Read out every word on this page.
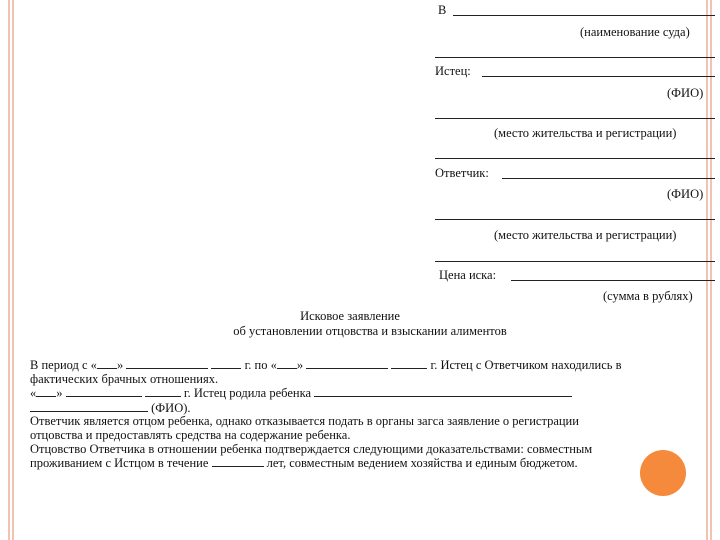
В
(наименование суда)
Истец:
(ФИО)
(место жительства и регистрации)
Ответчик:
(ФИО)
(место жительства и регистрации)
Цена иска:
(сумма в рублях)
Исковое заявление
об установлении отцовства и взыскании алиментов

В период с « »	г. по « »	г. Истец с Ответчиком находились в

фактических брачных отношениях.

« »	г. Истец родила ребенка

(ФИО).

Ответчик является отцом ребенка, однако отказывается подать в органы загса заявление о регистрации

отцовства и предоставлять средства на содержание ребенка.

Отцовство Ответчика в отношении ребенка подтверждается следующими доказательствами: совместным

проживанием с Истцом в течение	лет, совместным ведением хозяйства и единым бюджетом.
